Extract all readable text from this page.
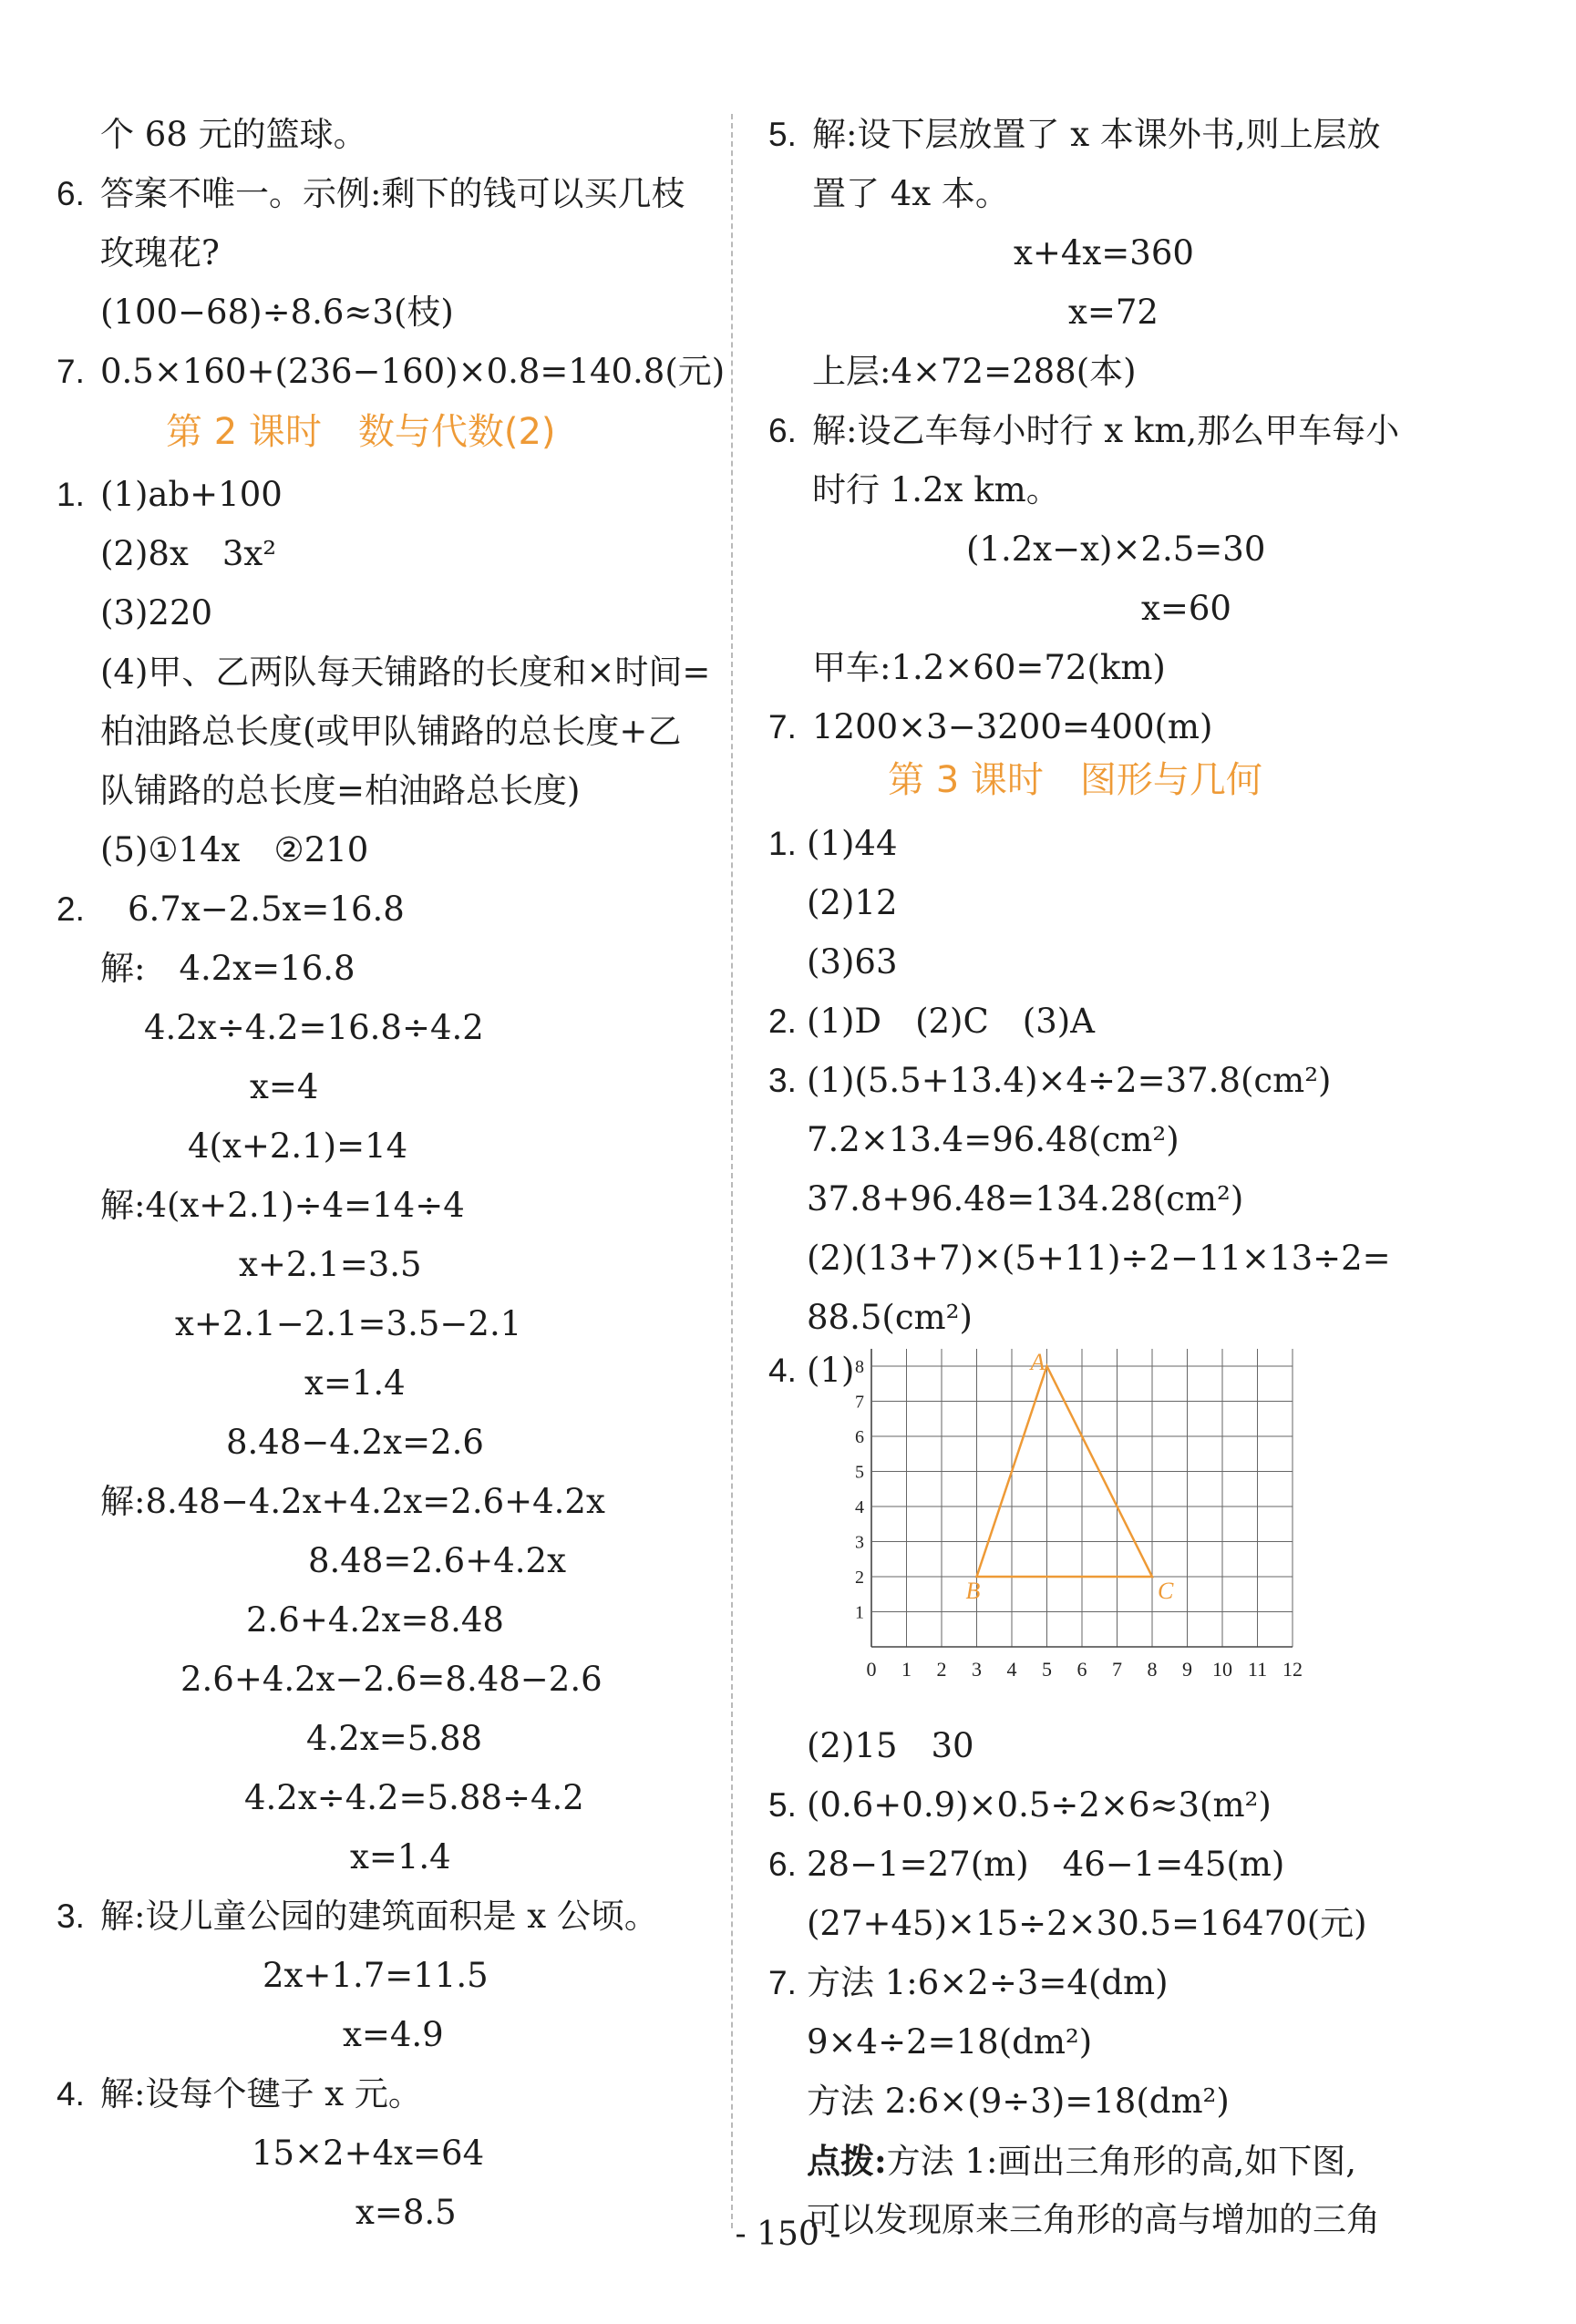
个 68 元的篮球。
6. 答案不唯一。示例:剩下的钱可以买几枝
玫瑰花?
(100−68)÷8.6≈3(枝)
7. 0.5×160+(236−160)×0.8=140.8(元)
第 2 课时　数与代数(2)
1. (1)ab+100
(2)8x　3x²
(3)220
(4)甲、乙两队每天铺路的长度和×时间=
柏油路总长度(或甲队铺路的总长度+乙
队铺路的总长度=柏油路总长度)
(5)①14x　②210
2. 6.7x−2.5x=16.8
解:　4.2x=16.8
4.2x÷4.2=16.8÷4.2
x=4
4(x+2.1)=14
解:4(x+2.1)÷4=14÷4
x+2.1=3.5
x+2.1−2.1=3.5−2.1
x=1.4
8.48−4.2x=2.6
解:8.48−4.2x+4.2x=2.6+4.2x
8.48=2.6+4.2x
2.6+4.2x=8.48
2.6+4.2x−2.6=8.48−2.6
4.2x=5.88
4.2x÷4.2=5.88÷4.2
x=1.4
3. 解:设儿童公园的建筑面积是 x 公顷。
2x+1.7=11.5
x=4.9
4. 解:设每个毽子 x 元。
15×2+4x=64
x=8.5
5. 解:设下层放置了 x 本课外书,则上层放
置了 4x 本。
x+4x=360
x=72
上层:4×72=288(本)
6. 解:设乙车每小时行 x km,那么甲车每小
时行 1.2x km。
(1.2x−x)×2.5=30
x=60
甲车:1.2×60=72(km)
7. 1200×3−3200=400(m)
第 3 课时　图形与几何
1. (1)44
(2)12
(3)63
2. (1)D　(2)C　(3)A
3. (1)(5.5+13.4)×4÷2=37.8(cm²)
7.2×13.4=96.48(cm²)
37.8+96.48=134.28(cm²)
(2)(13+7)×(5+11)÷2−11×13÷2=
88.5(cm²)
4. (1)
0 1 2 3 4 5 6 7 8 9 10 11 12
1
2
3
4
5
6
7
8	A
B	C
(2)15　30
5. (0.6+0.9)×0.5÷2×6≈3(m²)
6. 28−1=27(m)　46−1=45(m)
(27+45)×15÷2×30.5=16470(元)
7. 方法 1:6×2÷3=4(dm)
9×4÷2=18(dm²)
方法 2:6×(9÷3)=18(dm²)
点拨:方法 1:画出三角形的高,如下图,
可以发现原来三角形的高与增加的三角
- 150 -
